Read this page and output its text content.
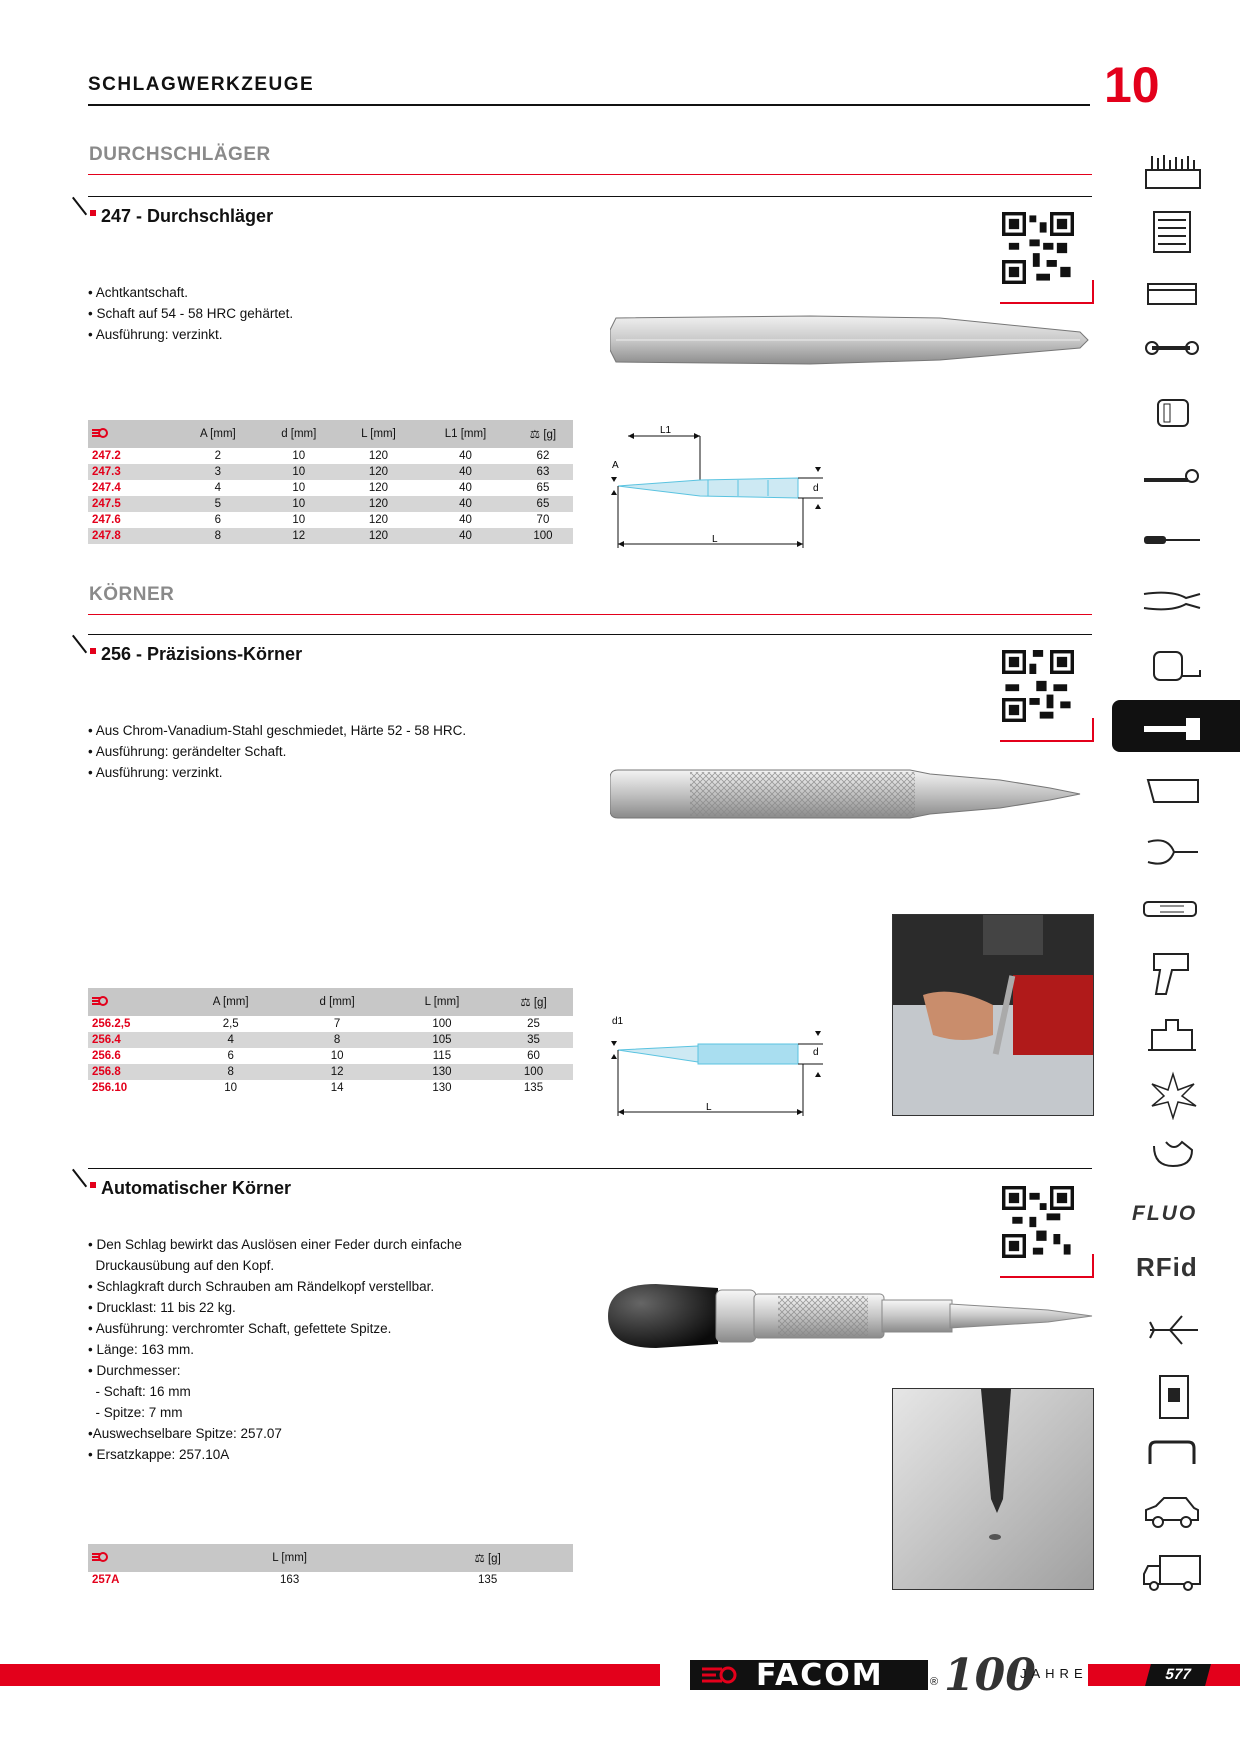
SCHLAGWERKZEUGE	10
DURCHSCHLÄGER
247 - Durchschläger
• Achtkantschaft.
• Schaft auf 54 - 58 HRC gehärtet.
• Ausführung: verzinkt.
	A [mm]	d [mm]	L [mm]	L1 [mm]	⚖ [g]
247.2	2	10	120	40	62
247.3	3	10	120	40	63
247.4	4	10	120	40	65
247.5	5	10	120	40	65
247.6	6	10	120	40	70
247.8	8	12	120	40	100
L1
A
d
L
KÖRNER
256 - Präzisions-Körner
• Aus Chrom-Vanadium-Stahl geschmiedet, Härte 52 - 58 HRC.
• Ausführung: gerändelter Schaft.
• Ausführung: verzinkt.
	A [mm]	d [mm]	L [mm]	⚖ [g]
256.2,5	2,5	7	100	25
256.4	4	8	105	35
256.6	6	10	115	60
256.8	8	12	130	100
256.10	10	14	130	135
d1
d
L
Automatischer Körner
• Den Schlag bewirkt das Auslösen einer Feder durch einfache
Druckausübung auf den Kopf.
• Schlagkraft durch Schrauben am Rändelkopf verstellbar.
• Drucklast: 11 bis 22 kg.
• Ausführung: verchromter Schaft, gefettete Spitze.
• Länge: 163 mm.
• Durchmesser:
- Schaft: 16 mm
- Spitze: 7 mm
•Auswechselbare Spitze: 257.07
• Ersatzkappe: 257.10A
	L [mm]	⚖ [g]
257A	163	135
FLUO
RFid
FACOM	® 100
JAHRE	577
